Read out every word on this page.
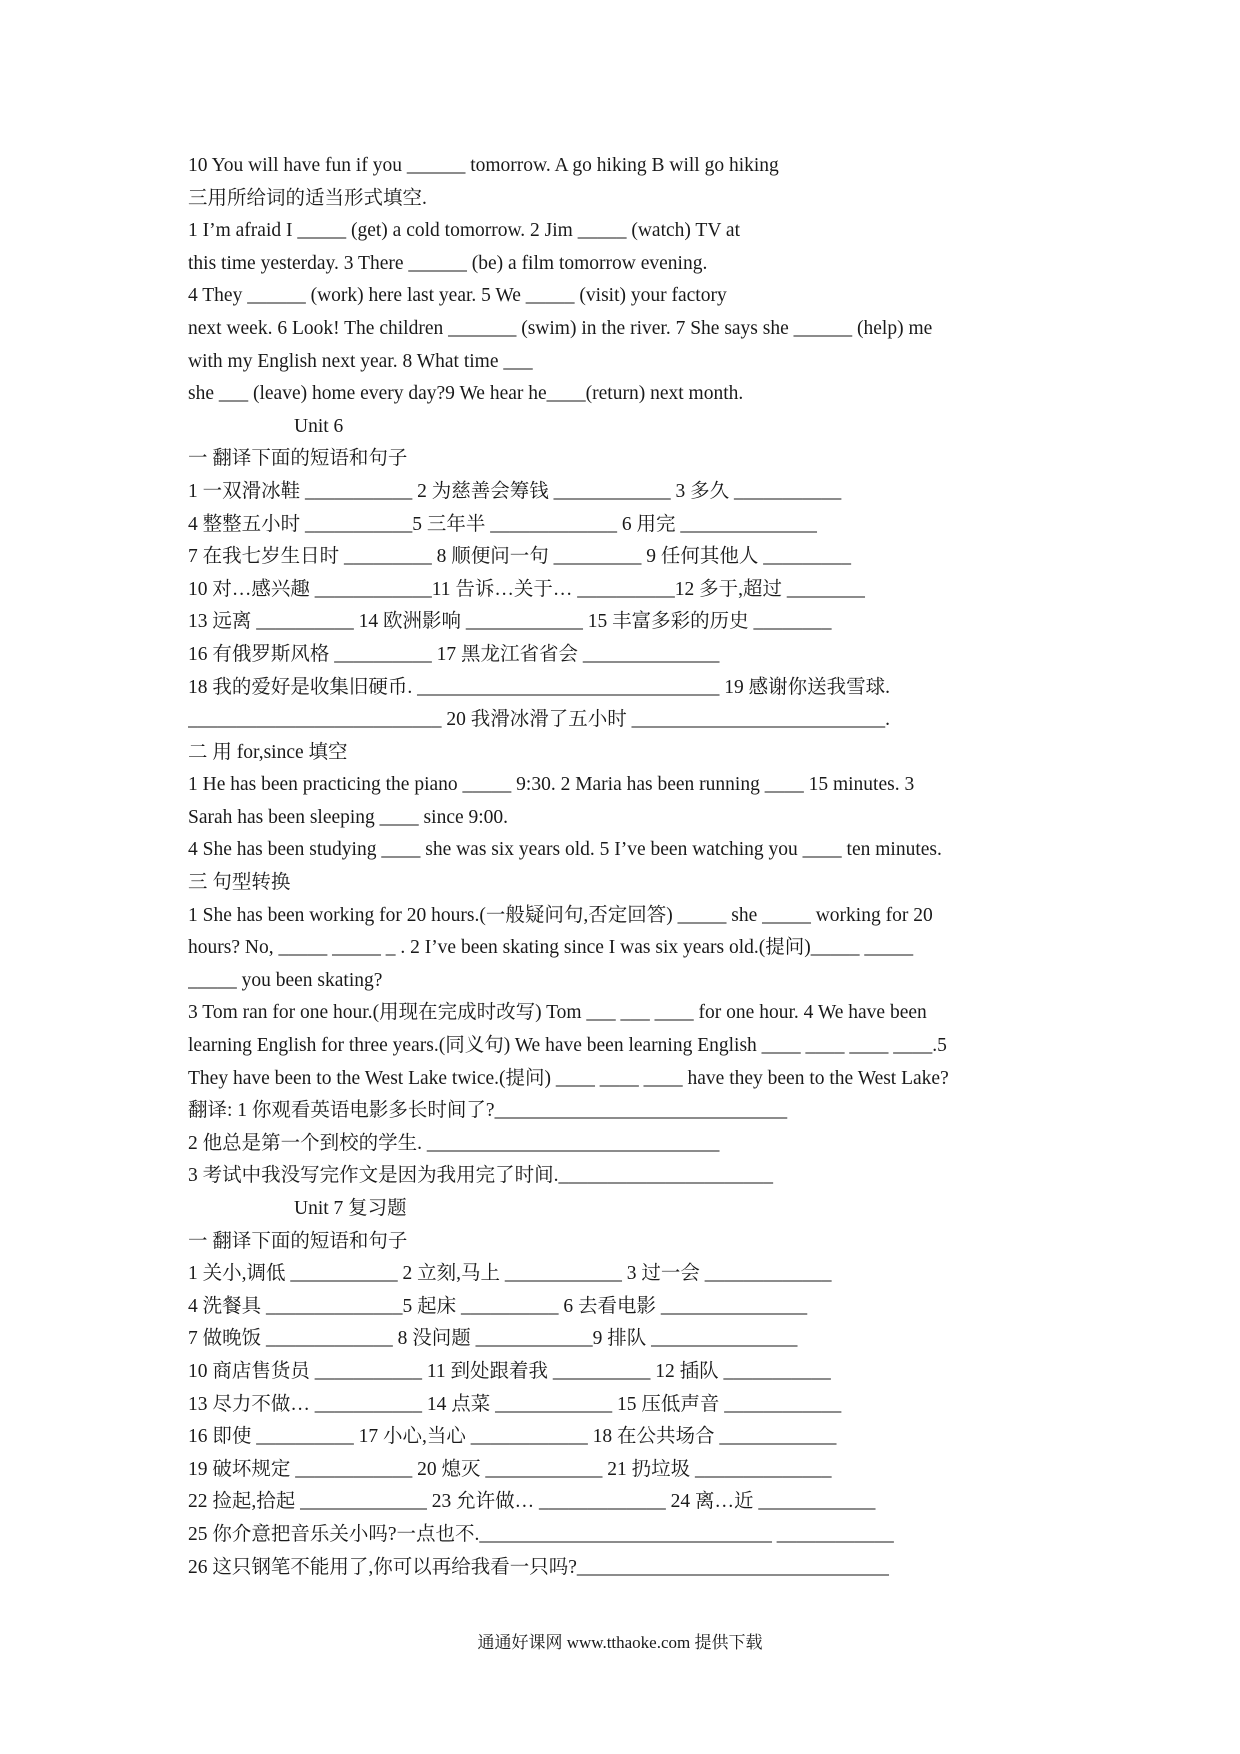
10 You will have fun if you ______ tomorrow. A go hiking B will go hiking
三用所给词的适当形式填空.
1 I’m afraid I _____ (get) a cold tomorrow. 2 Jim _____ (watch) TV at
this time yesterday. 3 There ______ (be) a film tomorrow evening.
4 They ______ (work) here last year. 5 We _____ (visit) your factory
next week. 6 Look! The children _______ (swim) in the river. 7 She says she ______ (help) me
with my English next year. 8 What time ___
she ___ (leave) home every day?9 We hear he____(return) next month.
Unit 6
一 翻译下面的短语和句子
1 一双滑冰鞋 ___________ 2 为慈善会筹钱 ____________ 3 多久 ___________
4 整整五小时 ___________5 三年半 _____________ 6 用完 ______________
7 在我七岁生日时 _________ 8 顺便问一句 _________ 9 任何其他人 _________
10 对…感兴趣 ____________11 告诉…关于… __________12 多于,超过 ________
13 远离 __________ 14 欧洲影响 ____________ 15 丰富多彩的历史 ________
16 有俄罗斯风格 __________ 17 黑龙江省省会 ______________
18 我的爱好是收集旧硬币. _______________________________ 19 感谢你送我雪球.
__________________________ 20 我滑冰滑了五小时 __________________________.
二 用 for,since 填空
1 He has been practicing the piano _____ 9:30. 2 Maria has been running ____ 15 minutes. 3
Sarah has been sleeping ____ since 9:00.
4 She has been studying ____ she was six years old. 5 I’ve been watching you ____ ten minutes.
三 句型转换
1 She has been working for 20 hours.(一般疑问句,否定回答) _____ she _____ working for 20
hours? No, _____ _____ _ . 2 I’ve been skating since I was six years old.(提问)_____ _____
_____ you been skating?
3 Tom ran for one hour.(用现在完成时改写) Tom ___ ___ ____ for one hour. 4 We have been
learning English for three years.(同义句) We have been learning English ____ ____ ____ ____.5
They have been to the West Lake twice.(提问) ____ ____ ____ have they been to the West Lake?
翻译: 1 你观看英语电影多长时间了?______________________________
2 他总是第一个到校的学生. ______________________________
3 考试中我没写完作文是因为我用完了时间.______________________
Unit 7 复习题
一 翻译下面的短语和句子
1 关小,调低 ___________ 2 立刻,马上 ____________ 3 过一会 _____________
4 洗餐具 ______________5 起床 __________ 6 去看电影 _______________
7 做晚饭 _____________ 8 没问题 ____________9 排队 _______________
10 商店售货员 ___________ 11 到处跟着我 __________ 12 插队 ___________
13 尽力不做… ___________ 14 点菜 ____________ 15 压低声音 ____________
16 即使 __________ 17 小心,当心 ____________ 18 在公共场合 ____________
19 破坏规定 ____________ 20 熄灭 ____________ 21 扔垃圾 ______________
22 捡起,拾起 _____________ 23 允许做… _____________ 24 离…近 ____________
25 你介意把音乐关小吗?一点也不.______________________________ ____________
26 这只钢笔不能用了,你可以再给我看一只吗?________________________________
通通好课网 www.tthaoke.com 提供下载
